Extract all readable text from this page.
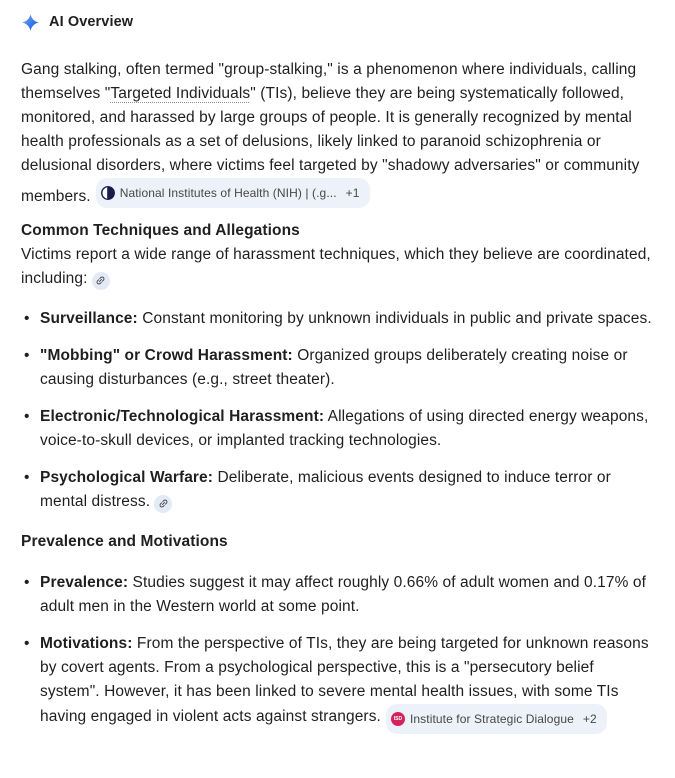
AI Overview

Gang stalking, often termed "group-stalking," is a phenomenon where individuals, calling themselves "Targeted Individuals" (TIs), believe they are being systematically followed, monitored, and harassed by large groups of people. It is generally recognized by mental health professionals as a set of delusions, likely linked to paranoid schizophrenia or delusional disorders, where victims feel targeted by "shadowy adversaries" or community members. National Institutes of Health (NIH) | (.g... +1

Common Techniques and Allegations

Victims report a wide range of harassment techniques, which they believe are coordinated, including:

• Surveillance: Constant monitoring by unknown individuals in public and private spaces.
• "Mobbing" or Crowd Harassment: Organized groups deliberately creating noise or causing disturbances (e.g., street theater).
• Electronic/Technological Harassment: Allegations of using directed energy weapons, voice-to-skull devices, or implanted tracking technologies.
• Psychological Warfare: Deliberate, malicious events designed to induce terror or mental distress.
Prevalence and Motivations
• Prevalence: Studies suggest it may affect roughly 0.66% of adult women and 0.17% of adult men in the Western world at some point.
• Motivations: From the perspective of TIs, they are being targeted for unknown reasons by covert agents. From a psychological perspective, this is a "persecutory belief system". However, it has been linked to severe mental health issues, with some TIs having engaged in violent acts against strangers.	ISD Institute for Strategic Dialogue +2
